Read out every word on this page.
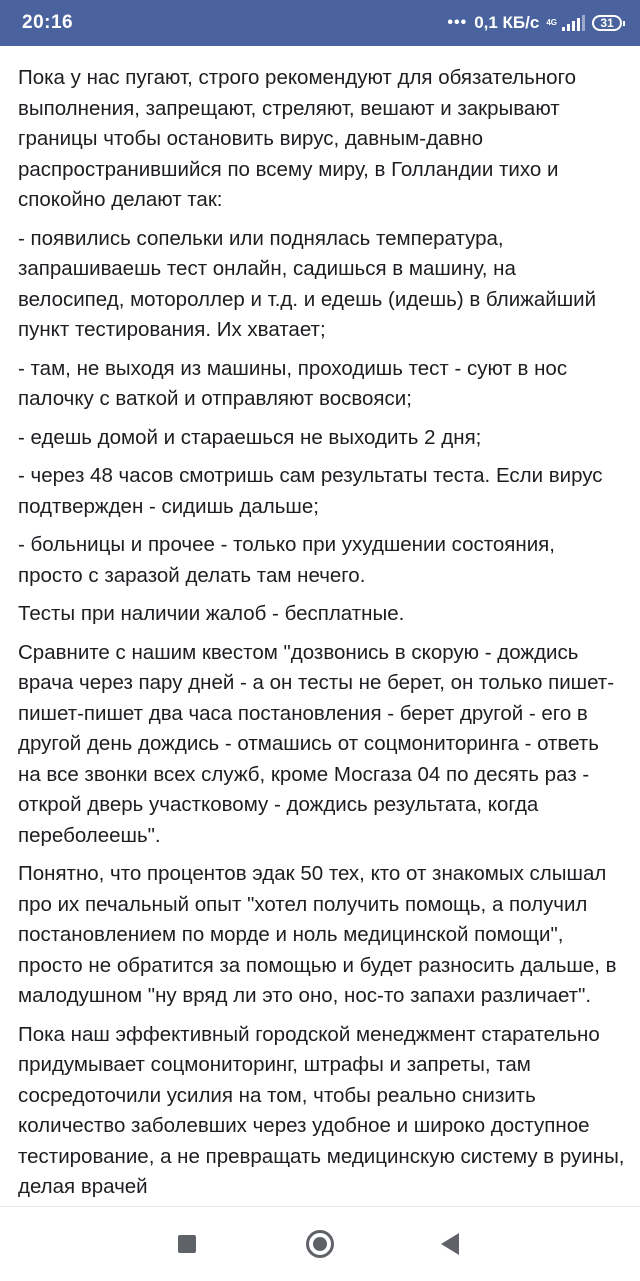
20:16	••• 0,1 КБ/с 4G	31

Пока у нас пугают, строго рекомендуют для обязательного выполнения, запрещают, стреляют, вешают и закрывают границы чтобы остановить вирус, давным-давно распространившийся по всему миру, в Голландии тихо и спокойно делают так:

- появились сопельки или поднялась температура, запрашиваешь тест онлайн, садишься в машину, на велосипед, мотороллер и т.д. и едешь (идешь) в ближайший пункт тестирования. Их хватает;

- там, не выходя из машины, проходишь тест - суют в нос палочку с ваткой и отправляют восвояси;

- едешь домой и стараешься не выходить 2 дня;

- через 48 часов смотришь сам результаты теста. Если вирус подтвержден - сидишь дальше;

- больницы и прочее - только при ухудшении состояния, просто с заразой делать там нечего.

Тесты при наличии жалоб - бесплатные.

Сравните с нашим квестом "дозвонись в скорую - дождись врача через пару дней - а он тесты не берет, он только пишет-пишет-пишет два часа постановления - берет другой - его в другой день дождись - отмашись от соцмониторинга - ответь на все звонки всех служб, кроме Мосгаза 04 по десять раз - открой дверь участковому - дождись результата, когда переболеешь".

Понятно, что процентов эдак 50 тех, кто от знакомых слышал про их печальный опыт "хотел получить помощь, а получил постановлением по морде и ноль медицинской помощи", просто не обратится за помощью и будет разносить дальше, в малодушном "ну вряд ли это оно, нос-то запахи различает".

Пока наш эффективный городской менеджмент старательно придумывает соцмониторинг, штрафы и запреты, там сосредоточили усилия на том, чтобы реально снизить количество заболевших через удобное и широко доступное тестирование, а не превращать медицинскую систему в руины, делая врачей
